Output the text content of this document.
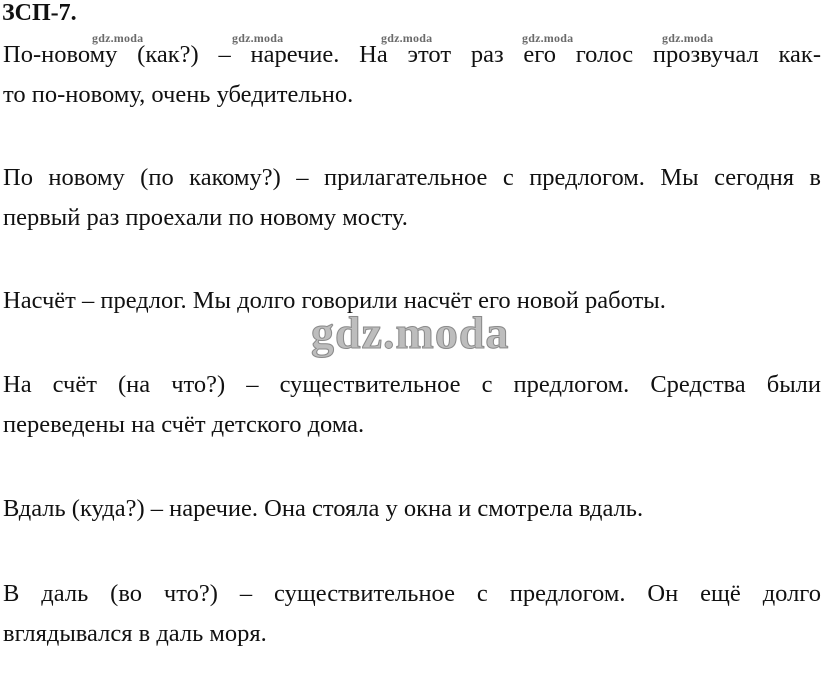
ЗСП-7.
gdz.moda	gdz.moda	gdz.moda	gdz.moda	gdz.moda
gdz.moda
По-новому (как?) – наречие. На этот раз его голос прозвучал как-
то по-новому, очень убедительно.
По новому (по какому?) – прилагательное с предлогом. Мы сегодня в
первый раз проехали по новому мосту.
Насчёт – предлог. Мы долго говорили насчёт его новой работы.
На счёт (на что?) – существительное с предлогом. Средства были
переведены на счёт детского дома.
Вдаль (куда?) – наречие. Она стояла у окна и смотрела вдаль.
В даль (во что?) – существительное с предлогом. Он ещё долго
вглядывался в даль моря.
